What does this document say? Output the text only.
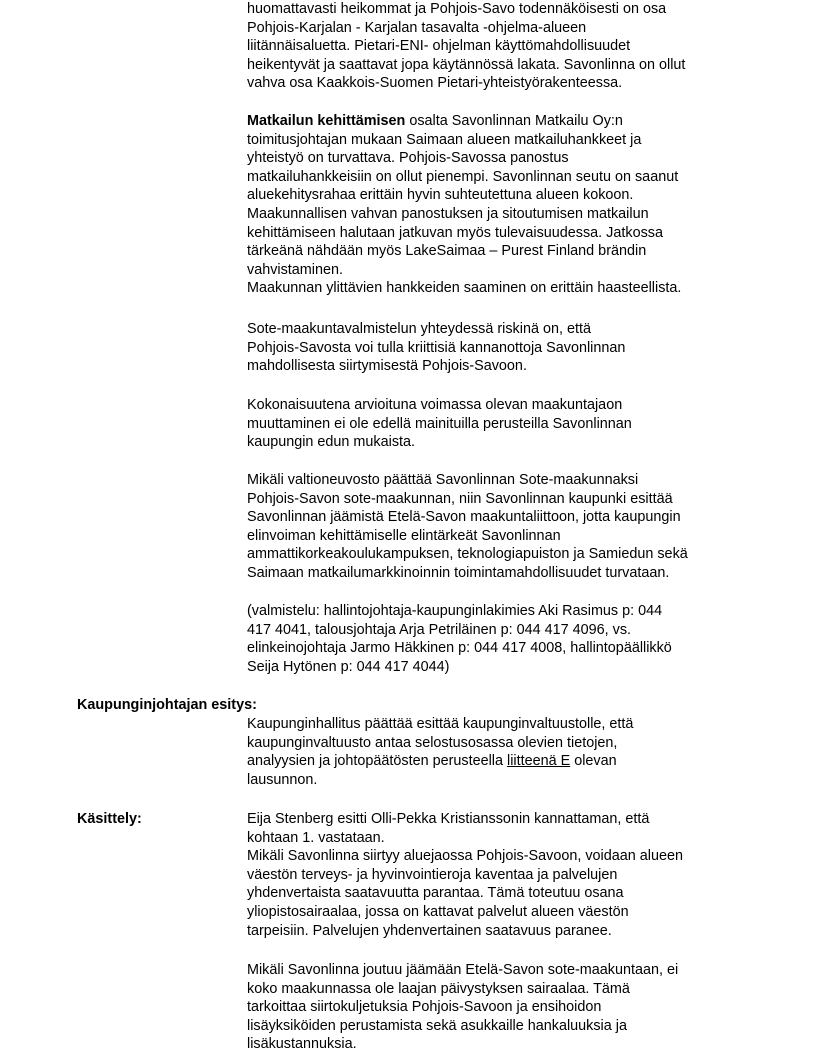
huomattavasti heikommat ja Pohjois-Savo todennäköisesti on osa
Pohjois-Karjalan - Karjalan tasavalta -ohjelma-alueen
liitännäisaluetta. Pietari-ENI- ohjelman käyttömahdollisuudet
heikentyvät ja saattavat jopa käytännössä lakata. Savonlinna on ollut
vahva osa Kaakkois-Suomen Pietari-yhteistyörakenteessa.
Matkailun kehittämisen osalta Savonlinnan Matkailu Oy:n
toimitusjohtajan mukaan Saimaan alueen matkailuhankkeet ja
yhteistyö on turvattava. Pohjois-Savossa panostus
matkailuhankkeisiin on ollut pienempi. Savonlinnan seutu on saanut
aluekehitysrahaa erittäin hyvin suhteutettuna alueen kokoon.
Maakunnallisen vahvan panostuksen ja sitoutumisen matkailun
kehittämiseen halutaan jatkuvan myös tulevaisuudessa. Jatkossa
tärkeänä nähdään myös LakeSaimaa – Purest Finland brändin
vahvistaminen.
Maakunnan ylittävien hankkeiden saaminen on erittäin haasteellista.
Sote-maakuntavalmistelun yhteydessä riskinä on, että
Pohjois-Savosta voi tulla kriittisiä kannanottoja Savonlinnan
mahdollisesta siirtymisestä Pohjois-Savoon.
Kokonaisuutena arvioituna voimassa olevan maakuntajaon
muuttaminen ei ole edellä mainituilla perusteilla Savonlinnan
kaupungin edun mukaista.
Mikäli valtioneuvosto päättää Savonlinnan Sote-maakunnaksi
Pohjois-Savon sote-maakunnan, niin Savonlinnan kaupunki esittää
Savonlinnan jäämistä Etelä-Savon maakuntaliittoon, jotta kaupungin
elinvoiman kehittämiselle elintärkeät Savonlinnan
ammattikorkeakoulukampuksen, teknologiapuiston ja Samiedun sekä
Saimaan matkailumarkkinoinnin toimintamahdollisuudet turvataan.
(valmistelu: hallintojohtaja-kaupunginlakimies Aki Rasimus p: 044
417 4041, talousjohtaja Arja Petriläinen p: 044 417 4096, vs.
elinkeinojohtaja Jarmo Häkkinen p: 044 417 4008, hallintopäällikkö
Seija Hytönen p: 044 417 4044)
Kaupunginjohtajan esitys:
Kaupunginhallitus päättää esittää kaupunginvaltuustolle, että
kaupunginvaltuusto antaa selostusosassa olevien tietojen,
analyysien ja johtopäätösten perusteella liitteenä E olevan
lausunnon.
Käsittely:	Eija Stenberg esitti Olli-Pekka Kristianssonin kannattaman, että
kohtaan 1. vastataan.
Mikäli Savonlinna siirtyy aluejaossa Pohjois-Savoon, voidaan alueen
väestön terveys- ja hyvinvointieroja kaventaa ja palvelujen
yhdenvertaista saatavuutta parantaa. Tämä toteutuu osana
yliopistosairaalaa, jossa on kattavat palvelut alueen väestön
tarpeisiin. Palvelujen yhdenvertainen saatavuus paranee.
Mikäli Savonlinna joutuu jäämään Etelä-Savon sote-maakuntaan, ei
koko maakunnassa ole laajan päivystyksen sairaalaa. Tämä
tarkoittaa siirtokuljetuksia Pohjois-Savoon ja ensihoidon
lisäyksiköiden perustamista sekä asukkaille hankaluuksia ja
lisäkustannuksia.
